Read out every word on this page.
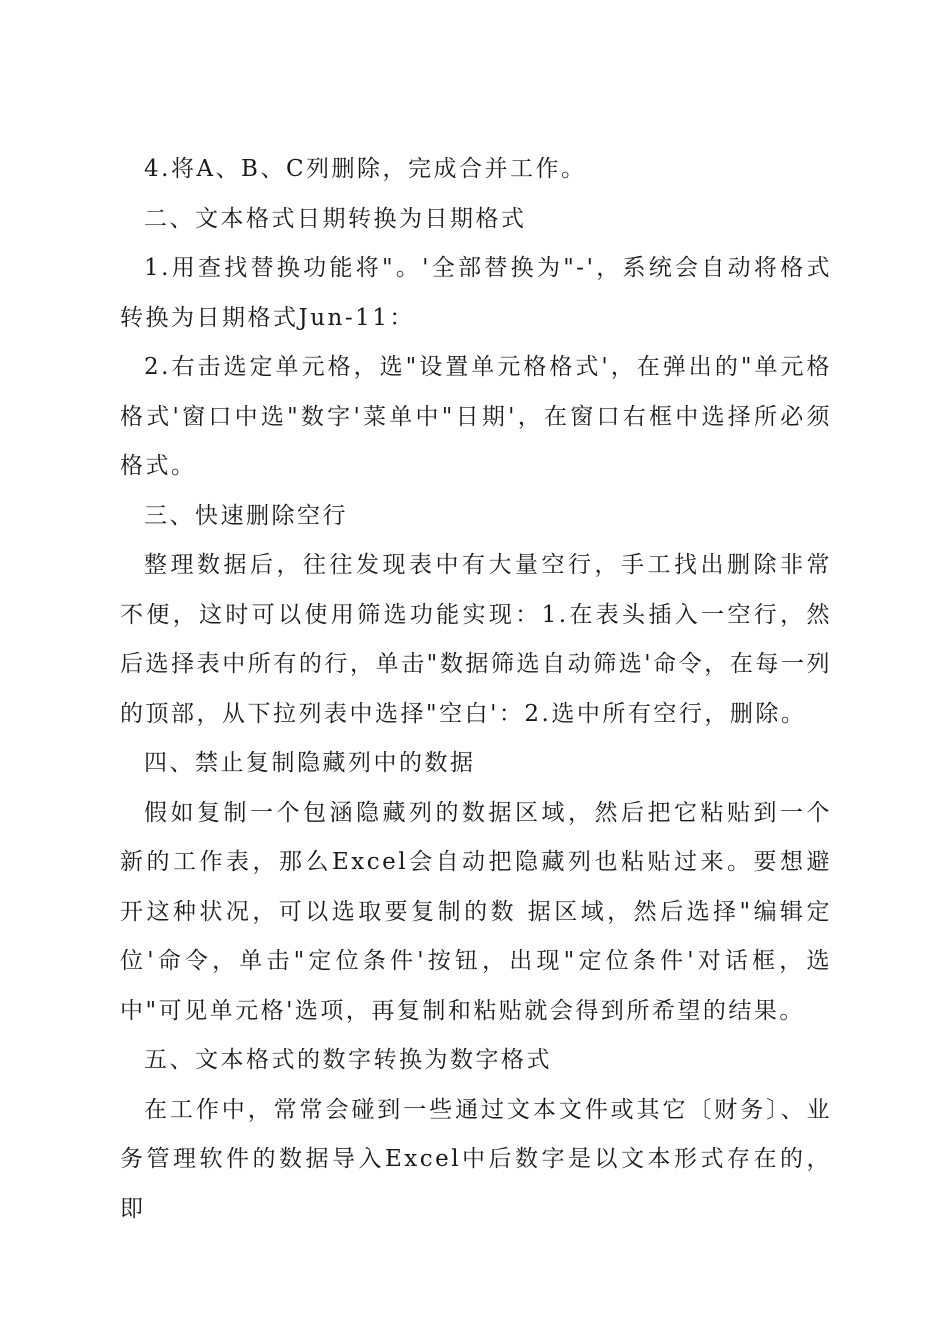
4.将A、B、C列删除，完成合并工作。

二、文本格式日期转换为日期格式

1.用查找替换功能将"。'全部替换为"-'，系统会自动将格式转换为日期格式Jun-11：

2.右击选定单元格，选"设置单元格格式'，在弹出的"单元格格式'窗口中选"数字'菜单中"日期'，在窗口右框中选择所必须格式。

三、快速删除空行

整理数据后，往往发现表中有大量空行，手工找出删除非常不便，这时可以使用筛选功能实现：1.在表头插入一空行，然后选择表中所有的行，单击"数据筛选自动筛选'命令，在每一列的顶部，从下拉列表中选择"空白'：2.选中所有空行，删除。

四、禁止复制隐藏列中的数据

假如复制一个包涵隐藏列的数据区域，然后把它粘贴到一个新的工作表，那么Excel会自动把隐藏列也粘贴过来。要想避开这种状况，可以选取要复制的数 据区域，然后选择"编辑定位'命令，单击"定位条件'按钮，出现"定位条件'对话框，选中"可见单元格'选项，再复制和粘贴就会得到所希望的结果。

五、文本格式的数字转换为数字格式

在工作中，常常会碰到一些通过文本文件或其它〔财务〕、业务管理软件的数据导入Excel中后数字是以文本形式存在的，即
